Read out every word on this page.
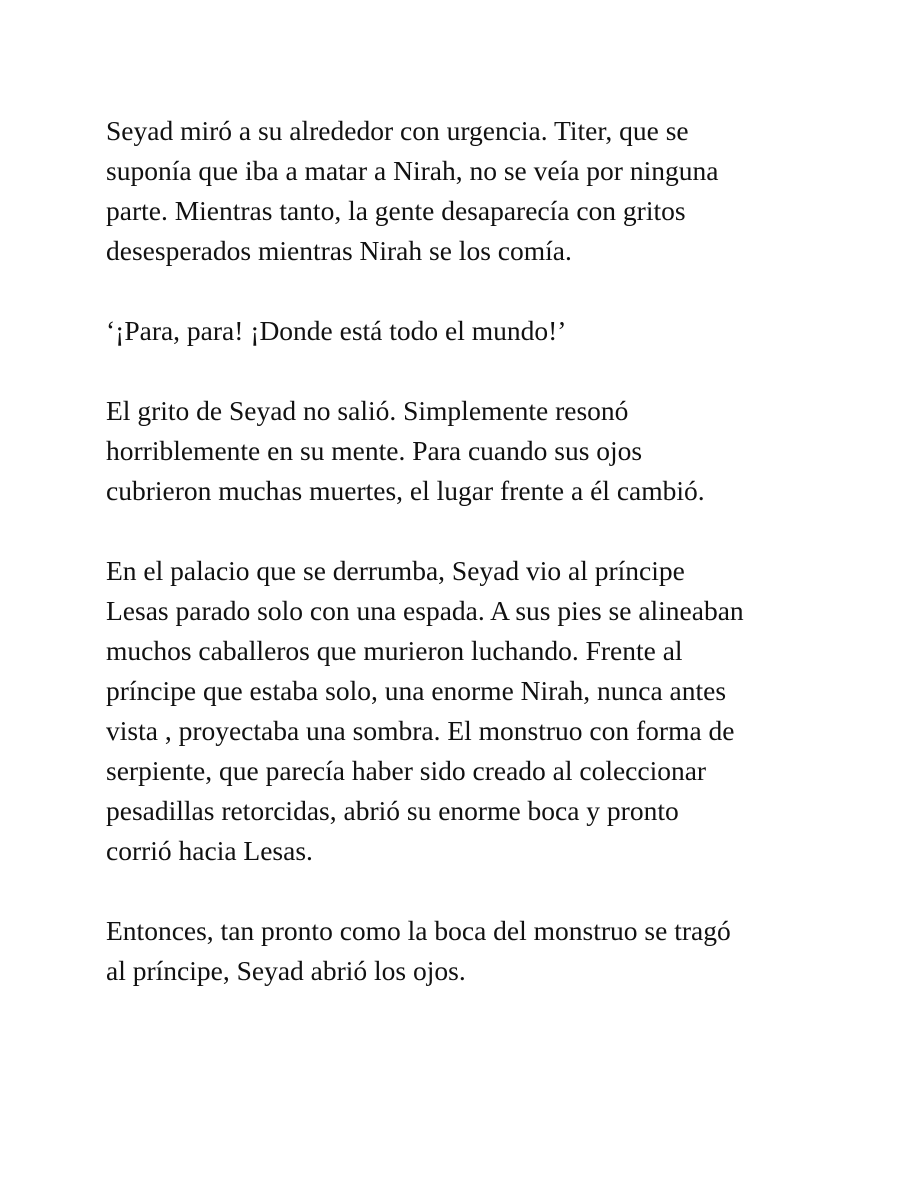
Seyad miró a su alrededor con urgencia. Titer, que se
suponía que iba a matar a Nirah, no se veía por ninguna
parte. Mientras tanto, la gente desaparecía con gritos
desesperados mientras Nirah se los comía.

‘¡Para, para! ¡Donde está todo el mundo!’

El grito de Seyad no salió. Simplemente resonó
horriblemente en su mente. Para cuando sus ojos
cubrieron muchas muertes, el lugar frente a él cambió.

En el palacio que se derrumba, Seyad vio al príncipe
Lesas parado solo con una espada. A sus pies se alineaban
muchos caballeros que murieron luchando. Frente al
príncipe que estaba solo, una enorme Nirah, nunca antes
vista , proyectaba una sombra. El monstruo con forma de
serpiente, que parecía haber sido creado al coleccionar
pesadillas retorcidas, abrió su enorme boca y pronto
corrió hacia Lesas.

Entonces, tan pronto como la boca del monstruo se tragó
al príncipe, Seyad abrió los ojos.
